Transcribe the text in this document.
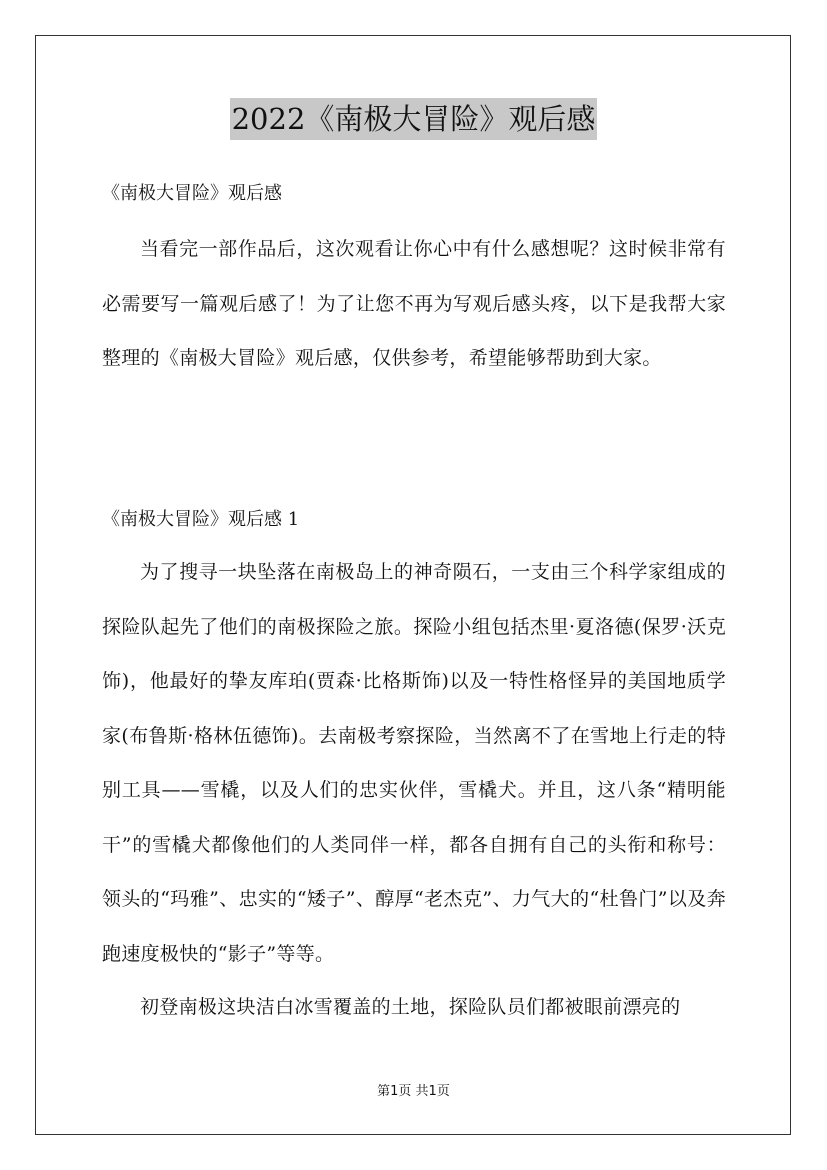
2022《南极大冒险》观后感

《南极大冒险》观后感

当看完一部作品后，这次观看让你心中有什么感想呢？这时候非常有必需要写一篇观后感了！为了让您不再为写观后感头疼，以下是我帮大家整理的《南极大冒险》观后感，仅供参考，希望能够帮助到大家。

《南极大冒险》观后感 1

为了搜寻一块坠落在南极岛上的神奇陨石，一支由三个科学家组成的探险队起先了他们的南极探险之旅。探险小组包括杰里·夏洛德(保罗·沃克饰)，他最好的挚友库珀(贾森·比格斯饰)以及一特性格怪异的美国地质学家(布鲁斯·格林伍德饰)。去南极考察探险，当然离不了在雪地上行走的特别工具——雪橇，以及人们的忠实伙伴，雪橇犬。并且，这八条“精明能干”的雪橇犬都像他们的人类同伴一样，都各自拥有自己的头衔和称号：领头的“玛雅”、忠实的“矮子”、醇厚“老杰克”、力气大的“杜鲁门”以及奔跑速度极快的“影子”等等。

初登南极这块洁白冰雪覆盖的土地，探险队员们都被眼前漂亮的

第1页 共1页
